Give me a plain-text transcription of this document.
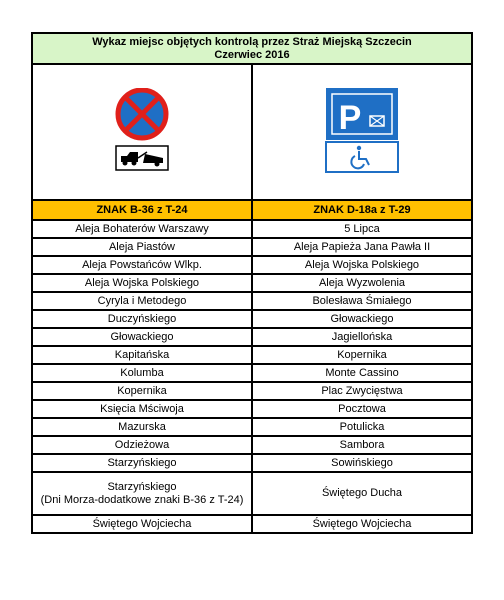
Wykaz miejsc objętych kontrolą przez Straż Miejską Szczecin
Czerwiec 2016	

P

ZNAK B-36 z T-24	ZNAK D-18a z T-29
Aleja Bohaterów Warszawy	5 Lipca
Aleja Piastów	Aleja Papieża Jana Pawła II
Aleja Powstańców Wlkp.	Aleja Wojska Polskiego
Aleja Wojska Polskiego	Aleja Wyzwolenia
Cyryla i Metodego	Bolesława Śmiałego
Duczyńskiego	Głowackiego
Głowackiego	Jagiellońska
Kapitańska	Kopernika
Kolumba	Monte Cassino
Kopernika	Plac Zwycięstwa
Księcia Mściwoja	Pocztowa
Mazurska	Potulicka
Odzieżowa	Sambora
Starzyńskiego	Sowińskiego

Starzyńskiego
(Dni Morza-dodatkowe znaki B-36 z T-24)	Świętego Ducha
Świętego Wojciecha	Świętego Wojciecha
